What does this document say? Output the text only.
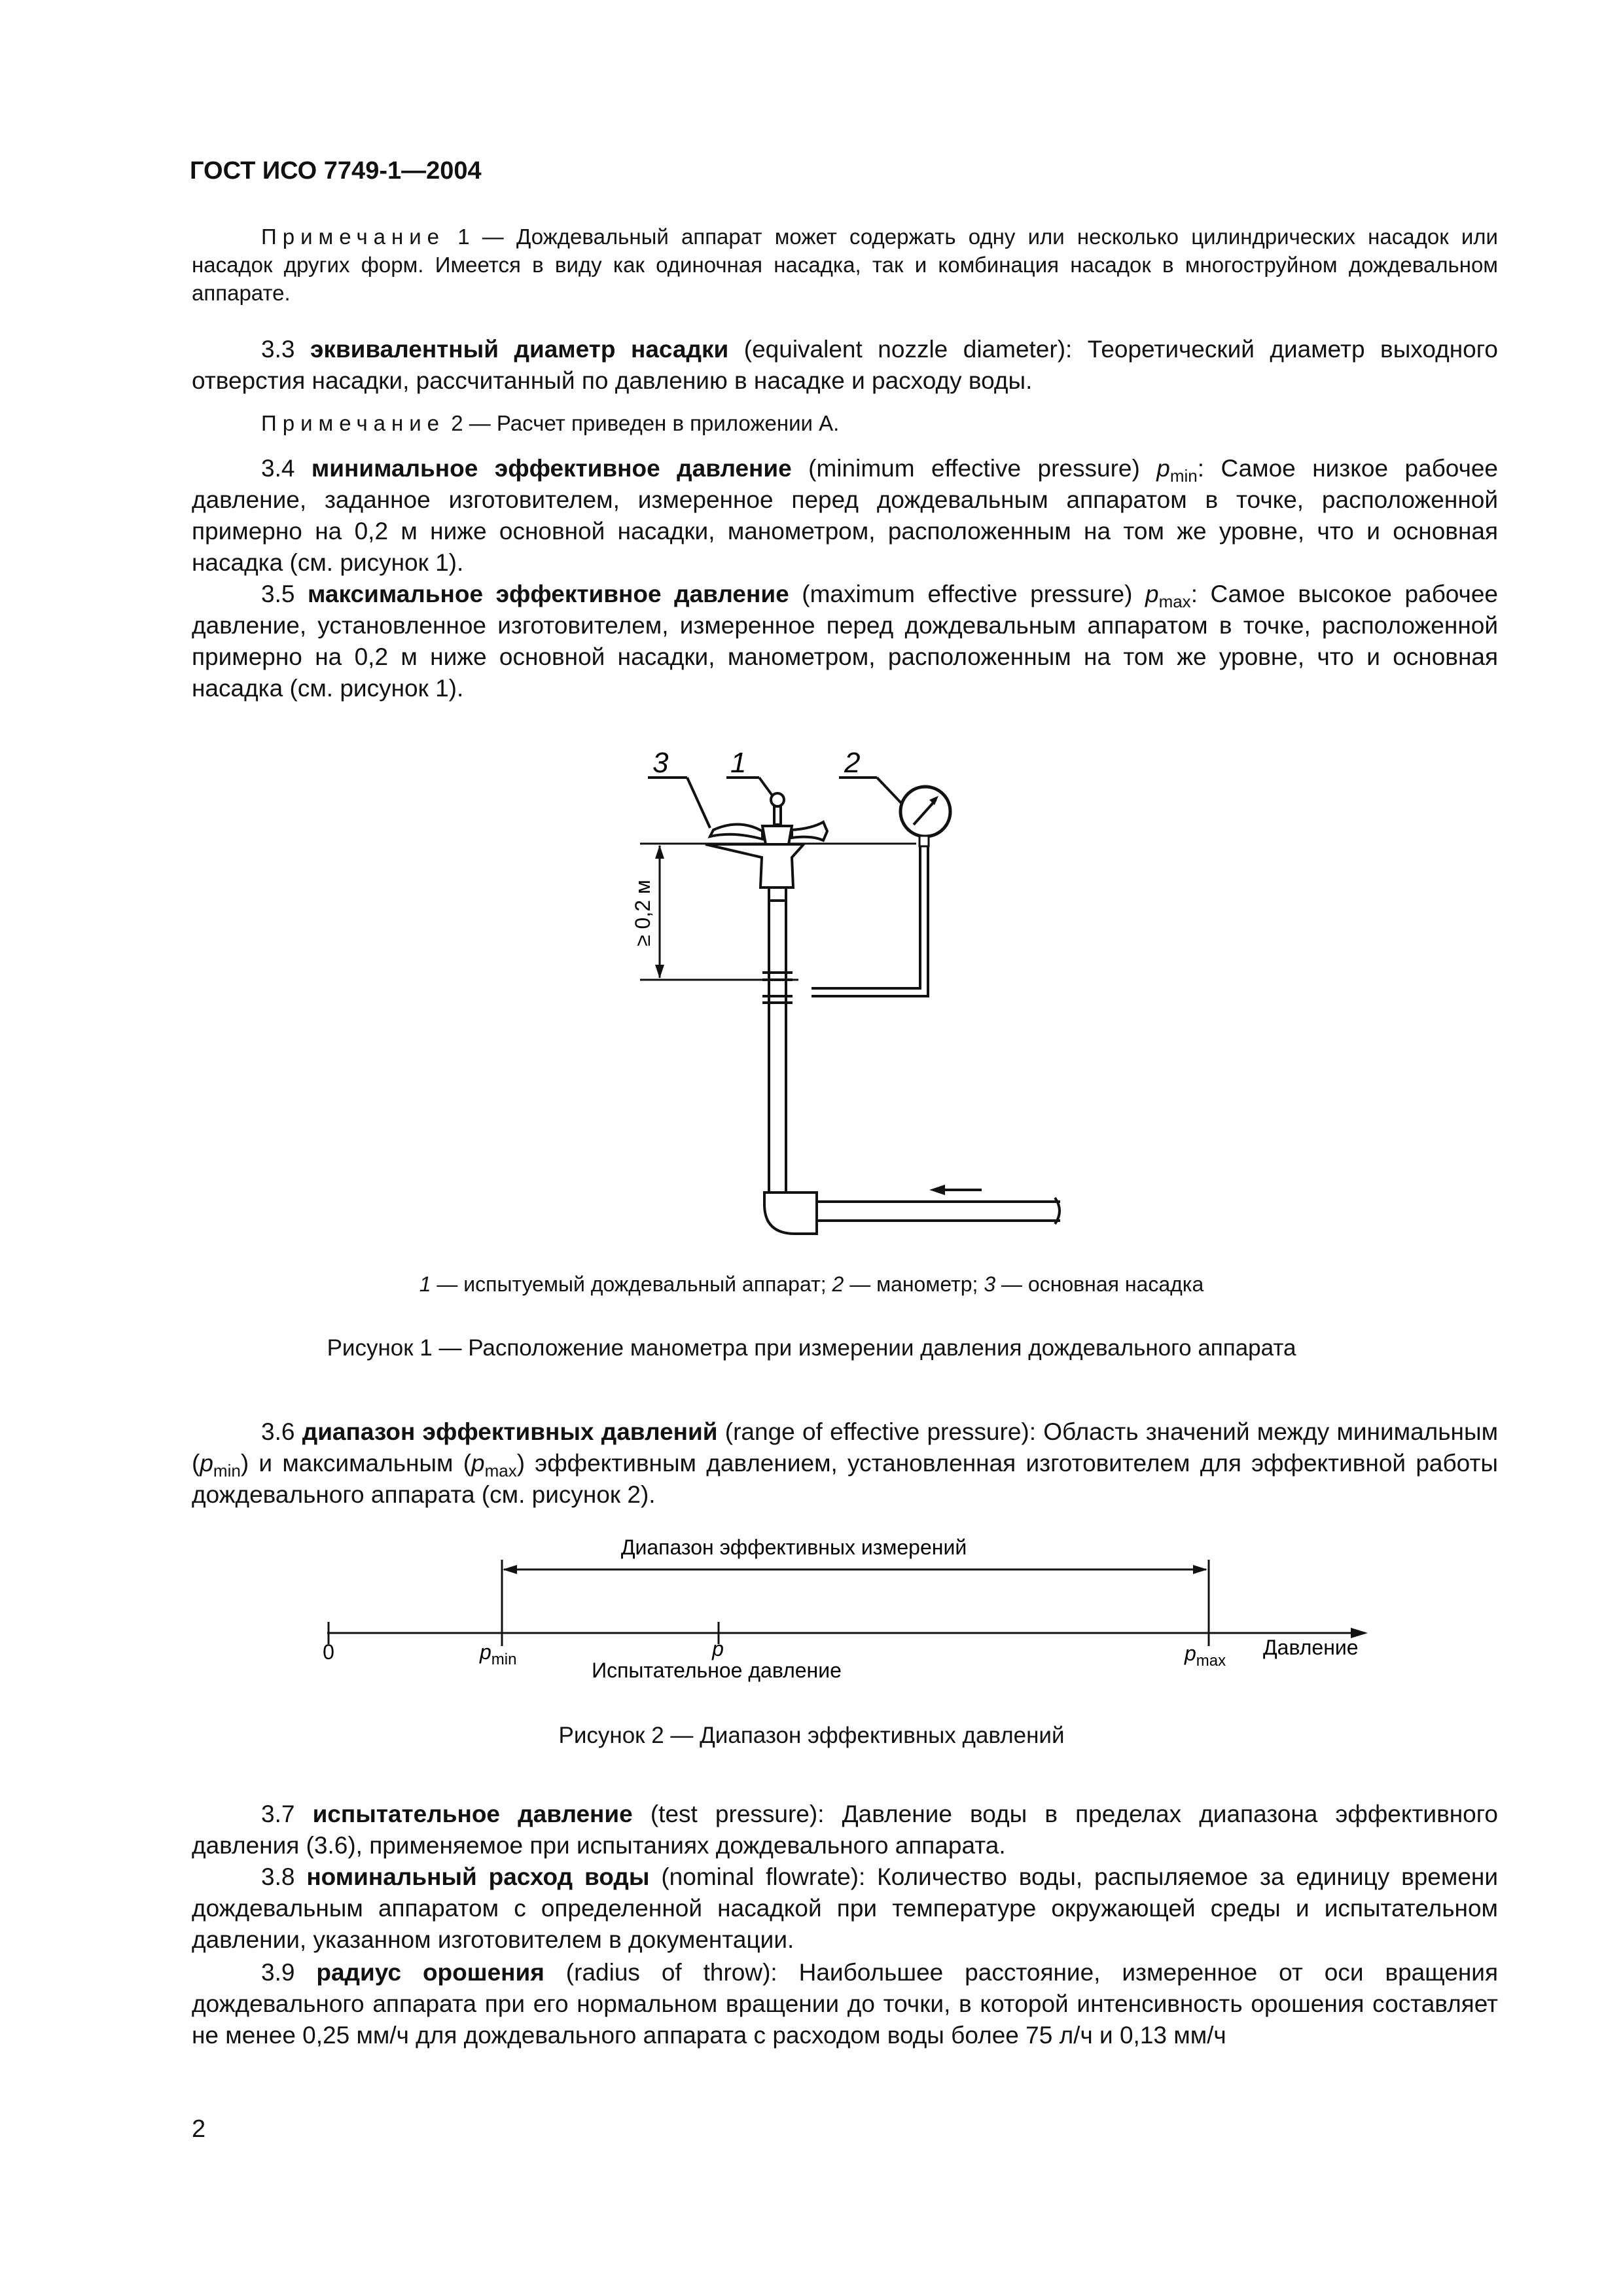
ГОСТ ИСО 7749-1—2004

Примечание 1 — Дождевальный аппарат может содержать одну или несколько цилиндрических насадок или насадок других форм. Имеется в виду как одиночная насадка, так и комбинация насадок в многоструйном дождевальном аппарате.

3.3 эквивалентный диаметр насадки (equivalent nozzle diameter): Теоретический диаметр выходного отверстия насадки, рассчитанный по давлению в насадке и расходу воды.

Примечание 2 — Расчет приведен в приложении А.

3.4 минимальное эффективное давление (minimum effective pressure) $p_{min}$: Самое низкое рабочее давление, заданное изготовителем, измеренное перед дождевальным аппаратом в точке, расположенной примерно на 0,2 м ниже основной насадки, манометром, расположенным на том же уровне, что и основная насадка (см. рисунок 1).

3.5 максимальное эффективное давление (maximum effective pressure) $p_{max}$: Самое высокое рабочее давление, установленное изготовителем, измеренное перед дождевальным аппаратом в точке, расположенной примерно на 0,2 м ниже основной насадки, манометром, расположенным на том же уровне, что и основная насадка (см. рисунок 1).

≥ 0,2 м
3 1	2
1 — испытуемый дождевальный аппарат; 2 — манометр; 3 — основная насадка
Рисунок 1 — Расположение манометра при измерении давления дождевального аппарата

3.6 диапазон эффективных давлений (range of effective pressure): Область значений между минимальным $(p_{min})$ и максимальным $(p_{max})$ эффективным давлением, установленная изготовителем для эффективной работы дождевального аппарата (см. рисунок 2).

Диапазон эффективных измерений
0	$p_{min}$	p
Испытательное давление
$p_{max}$
Давление
Рисунок 2 — Диапазон эффективных давлений

3.7 испытательное давление (test pressure): Давление воды в пределах диапазона эффективного давления (3.6), применяемое при испытаниях дождевального аппарата.

3.8 номинальный расход воды (nominal flowrate): Количество воды, распыляемое за единицу времени дождевальным аппаратом с определенной насадкой при температуре окружающей среды и испытательном давлении, указанном изготовителем в документации.

3.9 радиус орошения (radius of throw): Наибольшее расстояние, измеренное от оси вращения дождевального аппарата при его нормальном вращении до точки, в которой интенсивность орошения составляет не менее 0,25 мм/ч для дождевального аппарата с расходом воды более 75 л/ч и 0,13 мм/ч

2
